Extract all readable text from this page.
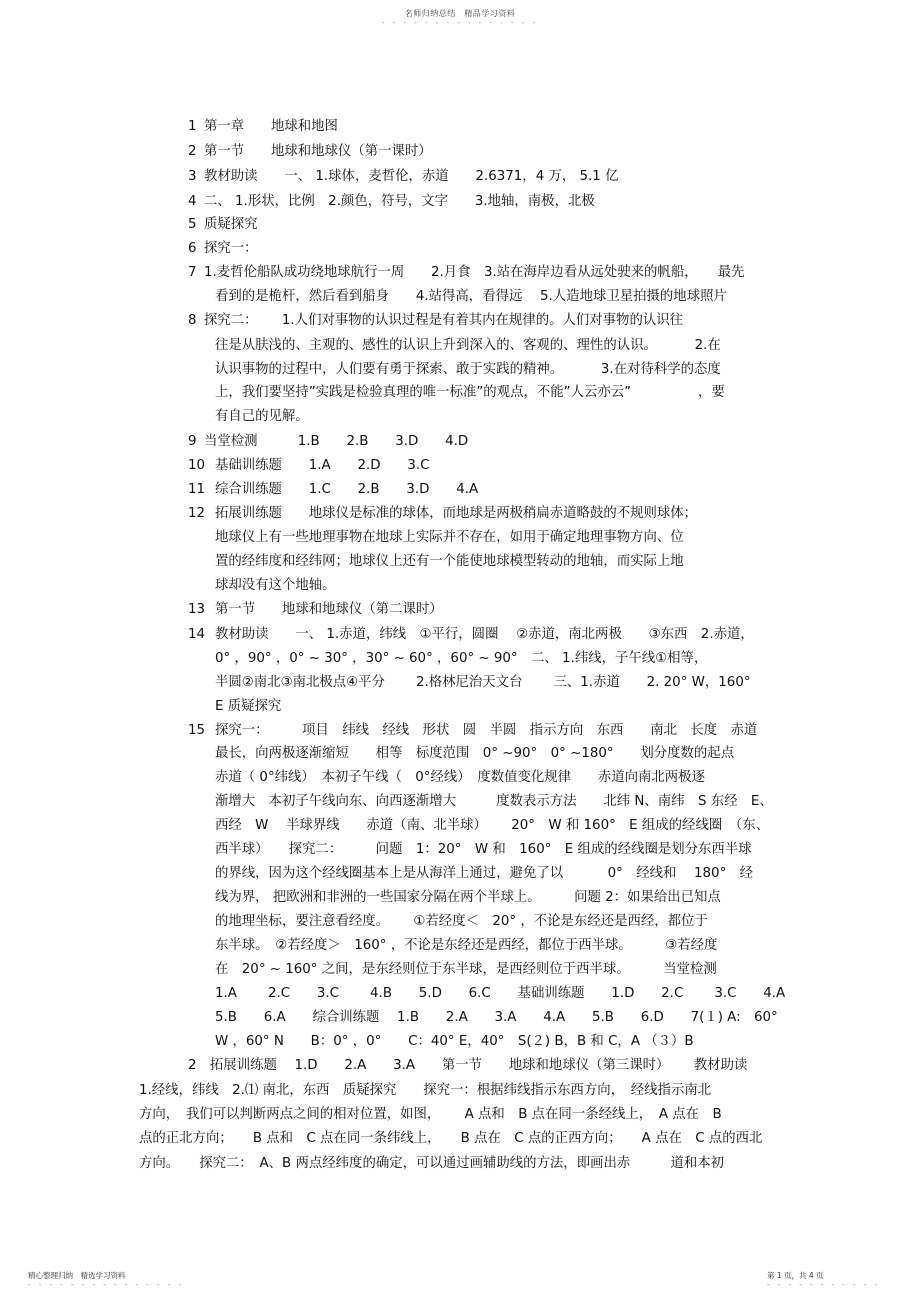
名师归纳总结　精品学习资料
- - - - - - - - - - - - - - -
1 第一章　　地球和地图
2 第一节　　地球和地球仪（第一课时）
3 教材助读　　一、 1.球体，麦哲伦，赤道　　2.6371，4 万， 5.1 亿
4 二、 1.形状，比例　2.颜色，符号，文字　　3.地轴，南极，北极
5 质疑探究
6 探究一：
7 1.麦哲伦船队成功绕地球航行一周　　2.月食　3.站在海岸边看从远处驶来的帆船，　　最先
看到的是桅杆，然后看到船身　　4.站得高，看得远　 5.人造地球卫星拍摄的地球照片
8 探究二：　　 1.人们对事物的认识过程是有着其内在规律的。人们对事物的认识往
往是从肤浅的、主观的、感性的认识上升到深入的、客观的、理性的认识。　　　 2.在
认识事物的过程中，人们要有勇于探索、敢于实践的精神。　　　 3.在对待科学的态度
上，我们要坚持”实践是检验真理的唯一标准”的观点，不能”人云亦云”　　　　　，要
有自己的见解。
9 当堂检测　　　1.B　　2.B　　3.D　　4.D
10 基础训练题　　1.A　　2.D　　3.C
11 综合训练题　　1.C　　2.B　　3.D　　4.A
12 拓展训练题　　地球仪是标准的球体，而地球是两极稍扁赤道略鼓的不规则球体；
地球仪上有一些地理事物在地球上实际并不存在，如用于确定地理事物方向、位
置的经纬度和经纬网；地球仪上还有一个能使地球模型转动的地轴，而实际上地
球却没有这个地轴。
13 第一节　　地球和地球仪（第二课时）
14 教材助读　　一、 1.赤道，纬线　①平行，圆圈　 ②赤道，南北两极　　③东西　2.赤道，
0° ，90° ，0° ~ 30° ，30° ~ 60° ，60° ~ 90°　二、 1.纬线，子午线①相等，
半圆②南北③南北极点④平分　　 2.格林尼治天文台　　 三、1.赤道　　2. 20° W，160°
E 质疑探究
15 探究一：　　　项目　纬线　经线　形状　圆　半圆　指示方向　东西　　南北　长度　赤道
最长，向两极逐渐缩短　　相等　标度范围　0° ~90°　0° ~180°　　划分度数的起点
赤道（ 0°纬线）　本初子午线（　0°经线）　度数值变化规律　　赤道向南北两极逐
渐增大　本初子午线向东、向西逐渐增大　　　度数表示方法　　北纬 N、南纬　S 东经　E、
西经　W　 半球界线　　赤道（南、北半球）　　 20°　W 和 160°　E 组成的经线圈　（东、
西半球）　　探究二：　　　问题　1：20°　W 和　160°　E 组成的经线圈是划分东西半球
的界线，因为这个经线圈基本上是从海洋上通过，避免了以　　　 0°　经线和　 180°　经
线为界， 把欧洲和非洲的一些国家分隔在两个半球上。　　　问题 2：如果给出已知点
的地理坐标，要注意看经度。　　 ①若经度＜　20° ，不论是东经还是西经，都位于
东半球。　②若经度＞　160° ，不论是东经还是西经，都位于西半球。　　　③若经度
在　20° ~ 160° 之间，是东经则位于东半球，是西经则位于西半球。　　　当堂检测
1.A　　 2.C　　3.C　　 4.B　　5.D　　6.C　　基础训练题　　1.D　　2.C　　 3.C　　4.A
5.B　　6.A　　综合训练题　 1.B　　2.A　　3.A　　4.A　　5.B　　6.D　　7(１) A:　60°
W ，60° N　　B：0° ，0°　　C：40° E，40°　S(２) B，B 和 C，A （３）B
2　拓展训练题　 1.D　　2.A　　3.A　　第一节　　地球和地球仪（第三课时）　　 教材助读
1.经线，纬线　2.⑴ 南北，东西　质疑探究　　探究一：根据纬线指示东西方向，　经线指示南北
方向，　我们可以判断两点之间的相对位置，如图，　　 A 点和　B 点在同一条经线上，　A 点在　B
点的正北方向；　　B 点和　C 点在同一条纬线上，　　B 点在　C 点的正西方向；　　A 点在　C 点的西北
方向。　　探究二：　A、B 两点经纬度的确定，可以通过画辅助线的方法，即画出赤　　　道和本初
精心整理归纳　精选学习资料
- - - - - - - - - - - - - - -
第 1 页，共 4 页
- - - - - - - - - - -
